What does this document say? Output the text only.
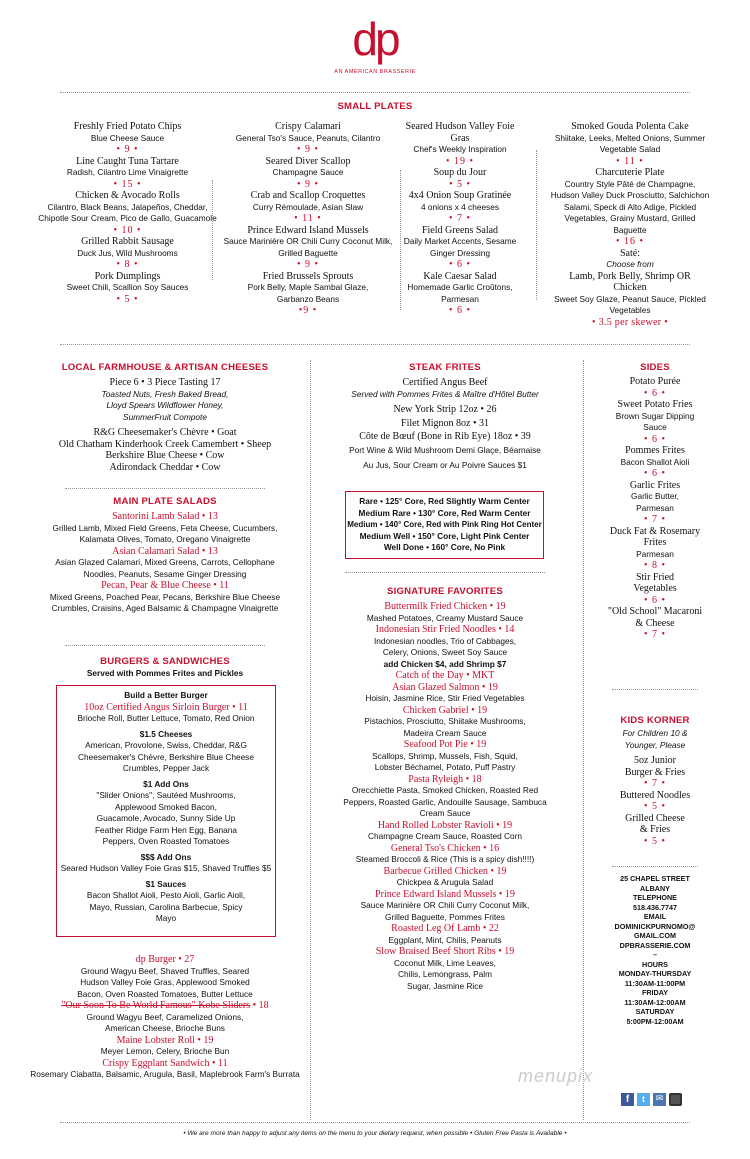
dp
AN AMERICAN BRASSERIE
SMALL PLATES
Freshly Fried Potato Chips
Blue Cheese Sauce
• 9 •
Line Caught Tuna Tartare
Radish, Cilantro Lime Vinaigrette
• 15 •
Chicken & Avocado Rolls
Cilantro, Black Beans, Jalapeños, Cheddar, Chipotle Sour Cream, Pico de Gallo, Guacamole
• 10 •
Grilled Rabbit Sausage
Duck Jus, Wild Mushrooms
• 8 •
Pork Dumplings
Sweet Chili, Scallion Soy Sauces
• 5 •
Crispy Calamari
General Tso's Sauce, Peanuts, Cilantro
• 9 •
Seared Diver Scallop
Champagne Sauce
• 9 •
Crab and Scallop Croquettes
Curry Rémoulade, Asian Slaw
• 11 •
Prince Edward Island Mussels
Sauce Marinière OR Chili Curry Coconut Milk, Grilled Baguette
• 9 •
Fried Brussels Sprouts
Pork Belly, Maple Sambal Glaze, Garbanzo Beans
•9 •
Seared Hudson Valley Foie Gras
Chef's Weekly Inspiration
• 19 •
Soup du Jour
• 5 •
4x4 Onion Soup Gratinée
4 onions x 4 cheeses
• 7 •
Field Greens Salad
Daily Market Accents, Sesame Ginger Dressing
• 6 •
Kale Caesar Salad
Homemade Garlic Croûtons, Parmesan
• 6 •
Smoked Gouda Polenta Cake
Shiitake, Leeks, Melted Onions, Summer Vegetable Salad
• 11 •
Charcuterie Plate
Country Style Pâté de Champagne, Hudson Valley Duck Prosciutto, Salchichon Salami, Speck di Alto Adige, Pickled Vegetables, Grainy Mustard, Grilled Baguette
• 16 •
Saté:
Choose from
Lamb, Pork Belly, Shrimp OR Chicken
Sweet Soy Glaze, Peanut Sauce, Pickled Vegetables
• 3.5 per skewer •
LOCAL FARMHOUSE & ARTISAN CHEESES
Piece 6 • 3 Piece Tasting 17
Toasted Nuts, Fresh Baked Bread, Lloyd Spears Wildflower Honey, SummerFruit Compote
R&G Cheesemaker's Chèvre • Goat
Old Chatham Kinderhook Creek Camembert • Sheep
Berkshire Blue Cheese • Cow
Adirondack Cheddar • Cow
MAIN PLATE SALADS
Santorini Lamb Salad • 13
Grilled Lamb, Mixed Field Greens, Feta Cheese, Cucumbers, Kalamata Olives, Tomato, Oregano Vinaigrette
Asian Calamari Salad • 13
Asian Glazed Calamari, Mixed Greens, Carrots, Cellophane Noodles, Peanuts, Sesame Ginger Dressing
Pecan, Pear & Blue Cheese • 11
Mixed Greens, Poached Pear, Pecans, Berkshire Blue Cheese Crumbles, Craisins, Aged Balsamic & Champagne Vinaigrette
BURGERS & SANDWICHES
Served with Pommes Frites and Pickles
Build a Better Burger
10oz Certified Angus Sirloin Burger • 11
Brioche Roll, Butter Lettuce, Tomato, Red Onion
$1.5 Cheeses
American, Provolone, Swiss, Cheddar, R&G Cheesemaker's Chèvre, Berkshire Blue Cheese Crumbles, Pepper Jack
$1 Add Ons
"Slider Onions", Sautéed Mushrooms, Applewood Smoked Bacon, Guacamole, Avocado, Sunny Side Up Feather Ridge Farm Hen Egg, Banana Peppers, Oven Roasted Tomatoes
$$$ Add Ons
Seared Hudson Valley Foie Gras $15, Shaved Truffles $5
$1 Sauces
Bacon Shallot Aioli, Pesto Aioli, Garlic Aioli, Mayo, Russian, Carolina Barbecue, Spicy Mayo
dp Burger • 27
Ground Wagyu Beef, Shaved Truffles, Seared Hudson Valley Foie Gras, Applewood Smoked Bacon, Oven Roasted Tomatoes, Butter Lettuce
"Our Soon To Be World Famous" Kobe Sliders • 18
Ground Wagyu Beef, Caramelized Onions, American Cheese, Brioche Buns
Maine Lobster Roll • 19
Meyer Lemon, Celery, Brioche Bun
Crispy Eggplant Sandwich • 11
Rosemary Ciabatta, Balsamic, Arugula, Basil, Maplebrook Farm's Burrata
STEAK FRITES
Certified Angus Beef
Served with Pommes Frites & Maître d'Hôtel Butter
New York Strip 12oz • 26
Filet Mignon 8oz • 31
Côte de Bœuf (Bone in Rib Eye) 18oz • 39
Port Wine & Wild Mushroom Demi Glaçe, Béarnaise
Au Jus, Sour Cream or Au Poivre Sauces $1
Rare • 125° Core, Red Slightly Warm Center
Medium Rare • 130° Core, Red Warm Center
Medium • 140° Core, Red with Pink Ring Hot Center
Medium Well • 150° Core, Light Pink Center
Well Done • 160° Core, No Pink
SIGNATURE FAVORITES
Buttermilk Fried Chicken • 19
Mashed Potatoes, Creamy Mustard Sauce
Indonesian Stir Fried Noodles • 14
Indonesian noodles, Trio of Cabbages, Celery, Onions, Sweet Soy Sauce
add Chicken $4, add Shrimp $7
Catch of the Day • MKT
Asian Glazed Salmon • 19
Hoisin, Jasmine Rice, Stir Fried Vegetables
Chicken Gabriel • 19
Pistachios, Prosciutto, Shiitake Mushrooms, Madeira Cream Sauce
Seafood Pot Pie • 19
Scallops, Shrimp, Mussels, Fish, Squid, Lobster Béchamel, Potato, Puff Pastry
Pasta Ryleigh • 18
Orecchiette Pasta, Smoked Chicken, Roasted Red Peppers, Roasted Garlic, Andouille Sausage, Sambuca Cream Sauce
Hand Rolled Lobster Ravioli • 19
Champagne Cream Sauce, Roasted Corn
General Tso's Chicken • 16
Steamed Broccoli & Rice (This is a spicy dish!!!!)
Barbecue Grilled Chicken • 19
Chickpea & Arugula Salad
Prince Edward Island Mussels • 19
Sauce Marinière OR Chili Curry Coconut Milk, Grilled Baguette, Pommes Frites
Roasted Leg Of Lamb • 22
Eggplant, Mint, Chilis, Peanuts
Slow Braised Beef Short Ribs • 19
Coconut Milk, Lime Leaves, Chilis, Lemongrass, Palm Sugar, Jasmine Rice
SIDES
Potato Purée
• 6 •
Sweet Potato Fries
Brown Sugar Dipping Sauce
• 6 •
Pommes Frites
Bacon Shallot Aioli
• 6 •
Garlic Frites
Garlic Butter, Parmesan
• 7 •
Duck Fat & Rosemary Frites
Parmesan
• 8 •
Stir Fried Vegetables
• 6 •
"Old School" Macaroni & Cheese
• 7 •
KIDS KORNER
For Children 10 & Younger, Please
5oz Junior Burger & Fries
• 7 •
Buttered Noodles
• 5 •
Grilled Cheese & Fries
• 5 •
25 CHAPEL STREET
ALBANY
TELEPHONE
518.436.7747
EMAIL
DOMINICKPURNOMO@
GMAIL.COM
DPBRASSERIE.COM
–
HOURS
MONDAY-THURSDAY
11:30AM-11:00PM
FRIDAY
11:30AM-12:00AM
SATURDAY
5:00PM-12:00AM
f	t	✉
menupix
• We are more than happy to adjust any items on the menu to your dietary request, when possible • Gluten Free Pasta is Available •
